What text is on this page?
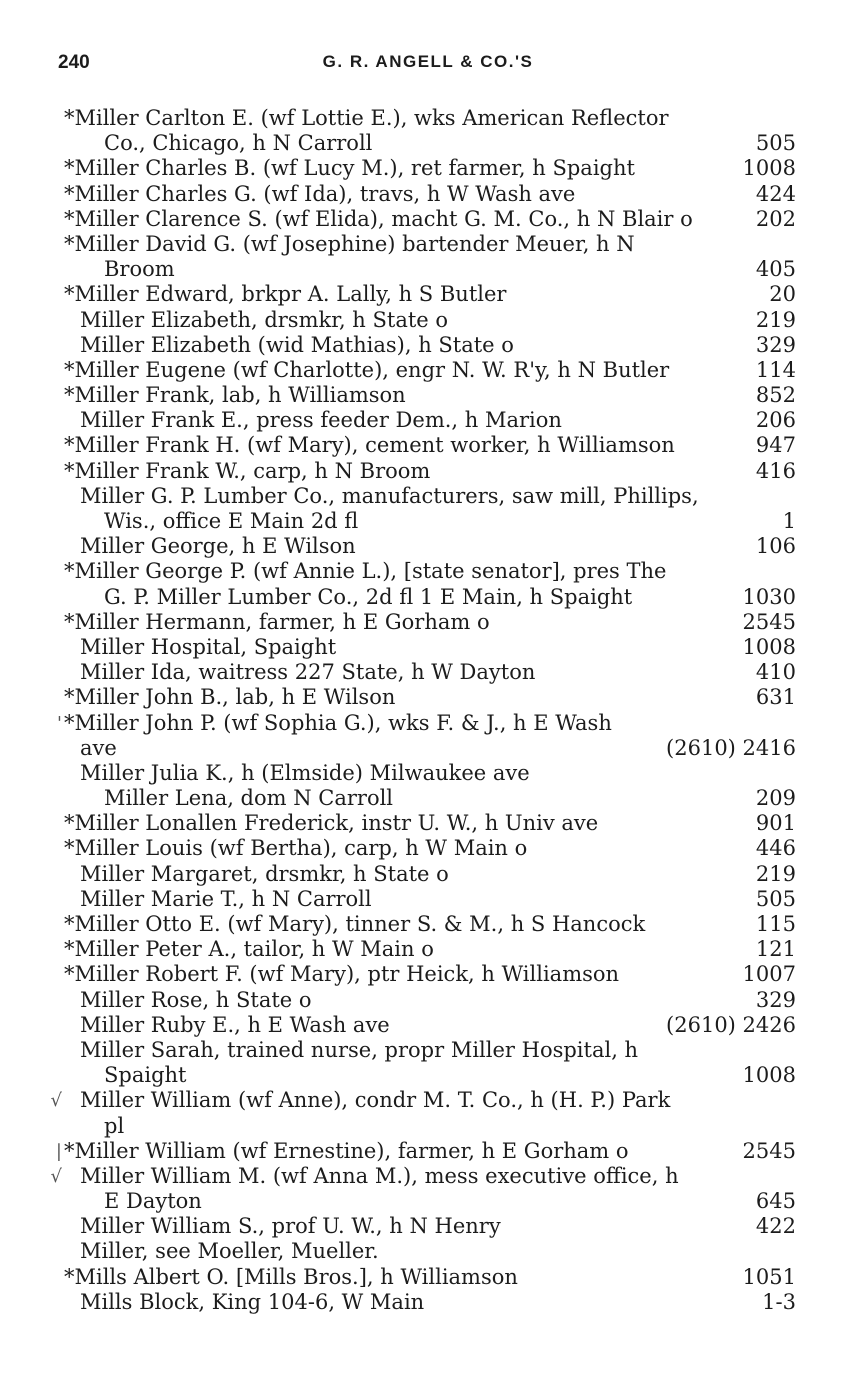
240	G. R. ANGELL & CO.'S
*Miller Carlton E. (wf Lottie E.), wks American Reflector
Co., Chicago, h N Carroll	505
*Miller Charles B. (wf Lucy M.), ret farmer, h Spaight	1008
*Miller Charles G. (wf Ida), travs, h W Wash ave	424
*Miller Clarence S. (wf Elida), macht G. M. Co., h N Blair o	202
*Miller David G. (wf Josephine) bartender Meuer, h N
Broom	405
*Miller Edward, brkpr A. Lally, h S Butler	20
Miller Elizabeth, drsmkr, h State o	219
Miller Elizabeth (wid Mathias), h State o	329
*Miller Eugene (wf Charlotte), engr N. W. R'y, h N Butler	114
*Miller Frank, lab, h Williamson	852
Miller Frank E., press feeder Dem., h Marion	206
*Miller Frank H. (wf Mary), cement worker, h Williamson	947
*Miller Frank W., carp, h N Broom	416
Miller G. P. Lumber Co., manufacturers, saw mill, Phillips,
Wis., office E Main 2d fl	1
Miller George, h E Wilson	106
*Miller George P. (wf Annie L.), [state senator], pres The
G. P. Miller Lumber Co., 2d fl 1 E Main, h Spaight	1030
*Miller Hermann, farmer, h E Gorham o	2545
Miller Hospital, Spaight	1008
Miller Ida, waitress 227 State, h W Dayton	410
*Miller John B., lab, h E Wilson	631
' *Miller John P. (wf Sophia G.), wks F. & J., h E Wash
ave	(2610) 2416
Miller Julia K., h (Elmside) Milwaukee ave
Miller Lena, dom N Carroll	209
*Miller Lonallen Frederick, instr U. W., h Univ ave	901
*Miller Louis (wf Bertha), carp, h W Main o	446
Miller Margaret, drsmkr, h State o	219
Miller Marie T., h N Carroll	505
*Miller Otto E. (wf Mary), tinner S. & M., h S Hancock	115
*Miller Peter A., tailor, h W Main o	121
*Miller Robert F. (wf Mary), ptr Heick, h Williamson	1007
Miller Rose, h State o	329
Miller Ruby E., h E Wash ave	(2610) 2426
Miller Sarah, trained nurse, propr Miller Hospital, h
Spaight	1008
√ Miller William (wf Anne), condr M. T. Co., h (H. P.) Park
pl
| *Miller William (wf Ernestine), farmer, h E Gorham o	2545
√ Miller William M. (wf Anna M.), mess executive office, h
E Dayton	645
Miller William S., prof U. W., h N Henry	422
Miller, see Moeller, Mueller.
*Mills Albert O. [Mills Bros.], h Williamson	1051
Mills Block, King 104-6, W Main	1-3
